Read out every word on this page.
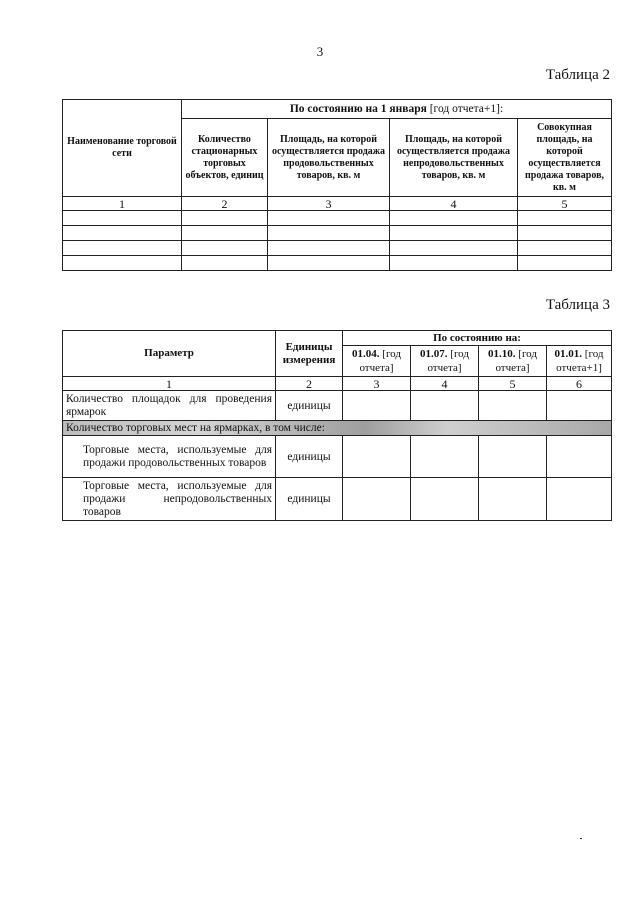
3
Таблица 2
Наименование торговой сети	По состоянию на 1 января [год отчета+1]:			
	Количество стационарных торговых объектов, единиц	Площадь, на которой осуществляется продажа продовольственных товаров, кв. м	Площадь, на которой осуществляется продажа непродовольственных товаров, кв. м	Совокупная площадь, на которой осуществляется продажа товаров, кв. м
1	2	3	4	5

Таблица 3
Параметр	Единицы измерения	По состоянию на:			
		01.04. [год отчета]	01.07. [год отчета]	01.10. [год отчета]	01.01. [год отчета+1]
1	2	3	4	5	6
Количество площадок для проведения ярмарок	единицы				
Количество торговых мест на ярмарках, в том числе:					
Торговые места, используемые для продажи продовольственных товаров	единицы				
Торговые места, используемые для продажи непродовольственных товаров	единицы				
